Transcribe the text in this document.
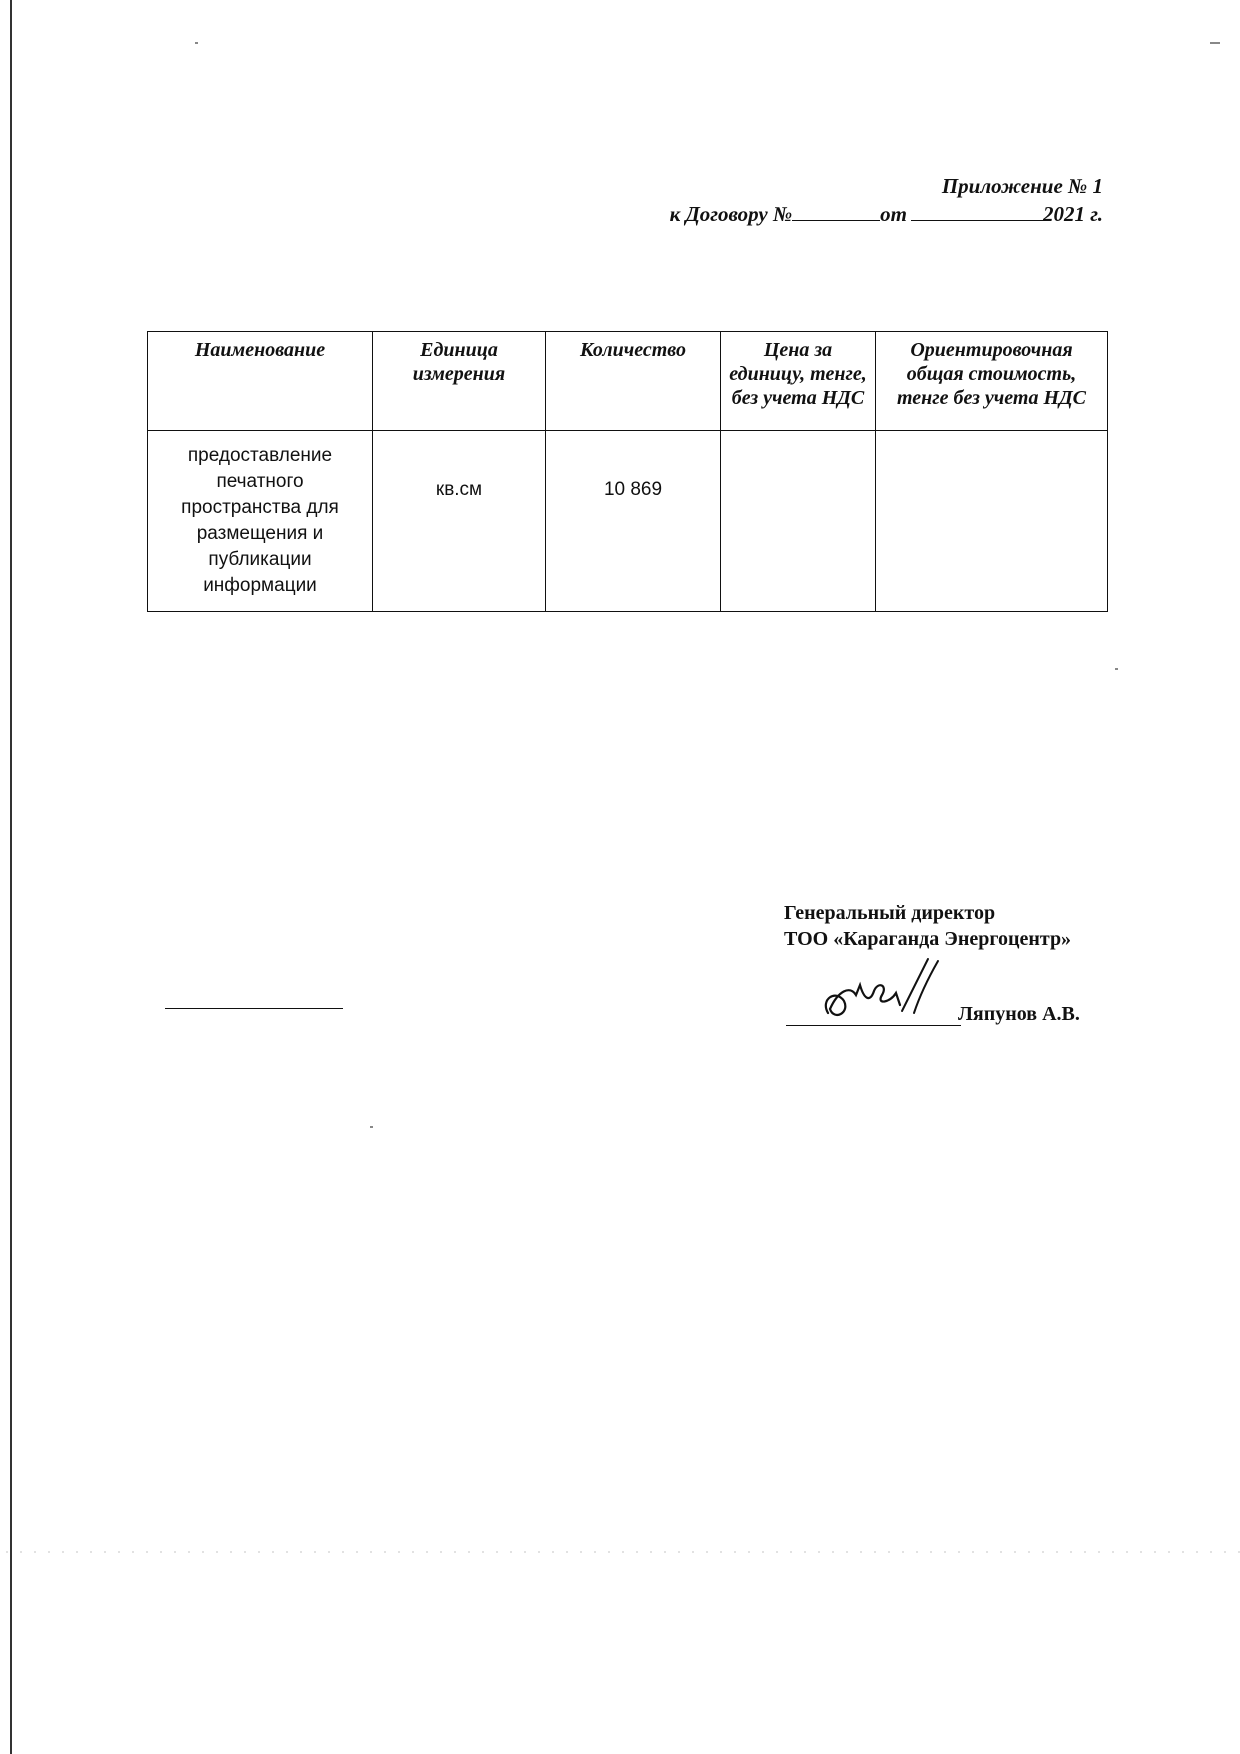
Приложение № 1
к Договору №	от	2021 г.
Наименование	Единица измерения	Количество	Цена за единицу, тенге, без учета НДС	Ориентировочная общая стоимость, тенге без учета НДС
предоставление печатного пространства для размещения и публикации информации	кв.см	10 869		

Генеральный директор
ТОО «Караганда Энергоцентр»
Ляпунов А.В.
